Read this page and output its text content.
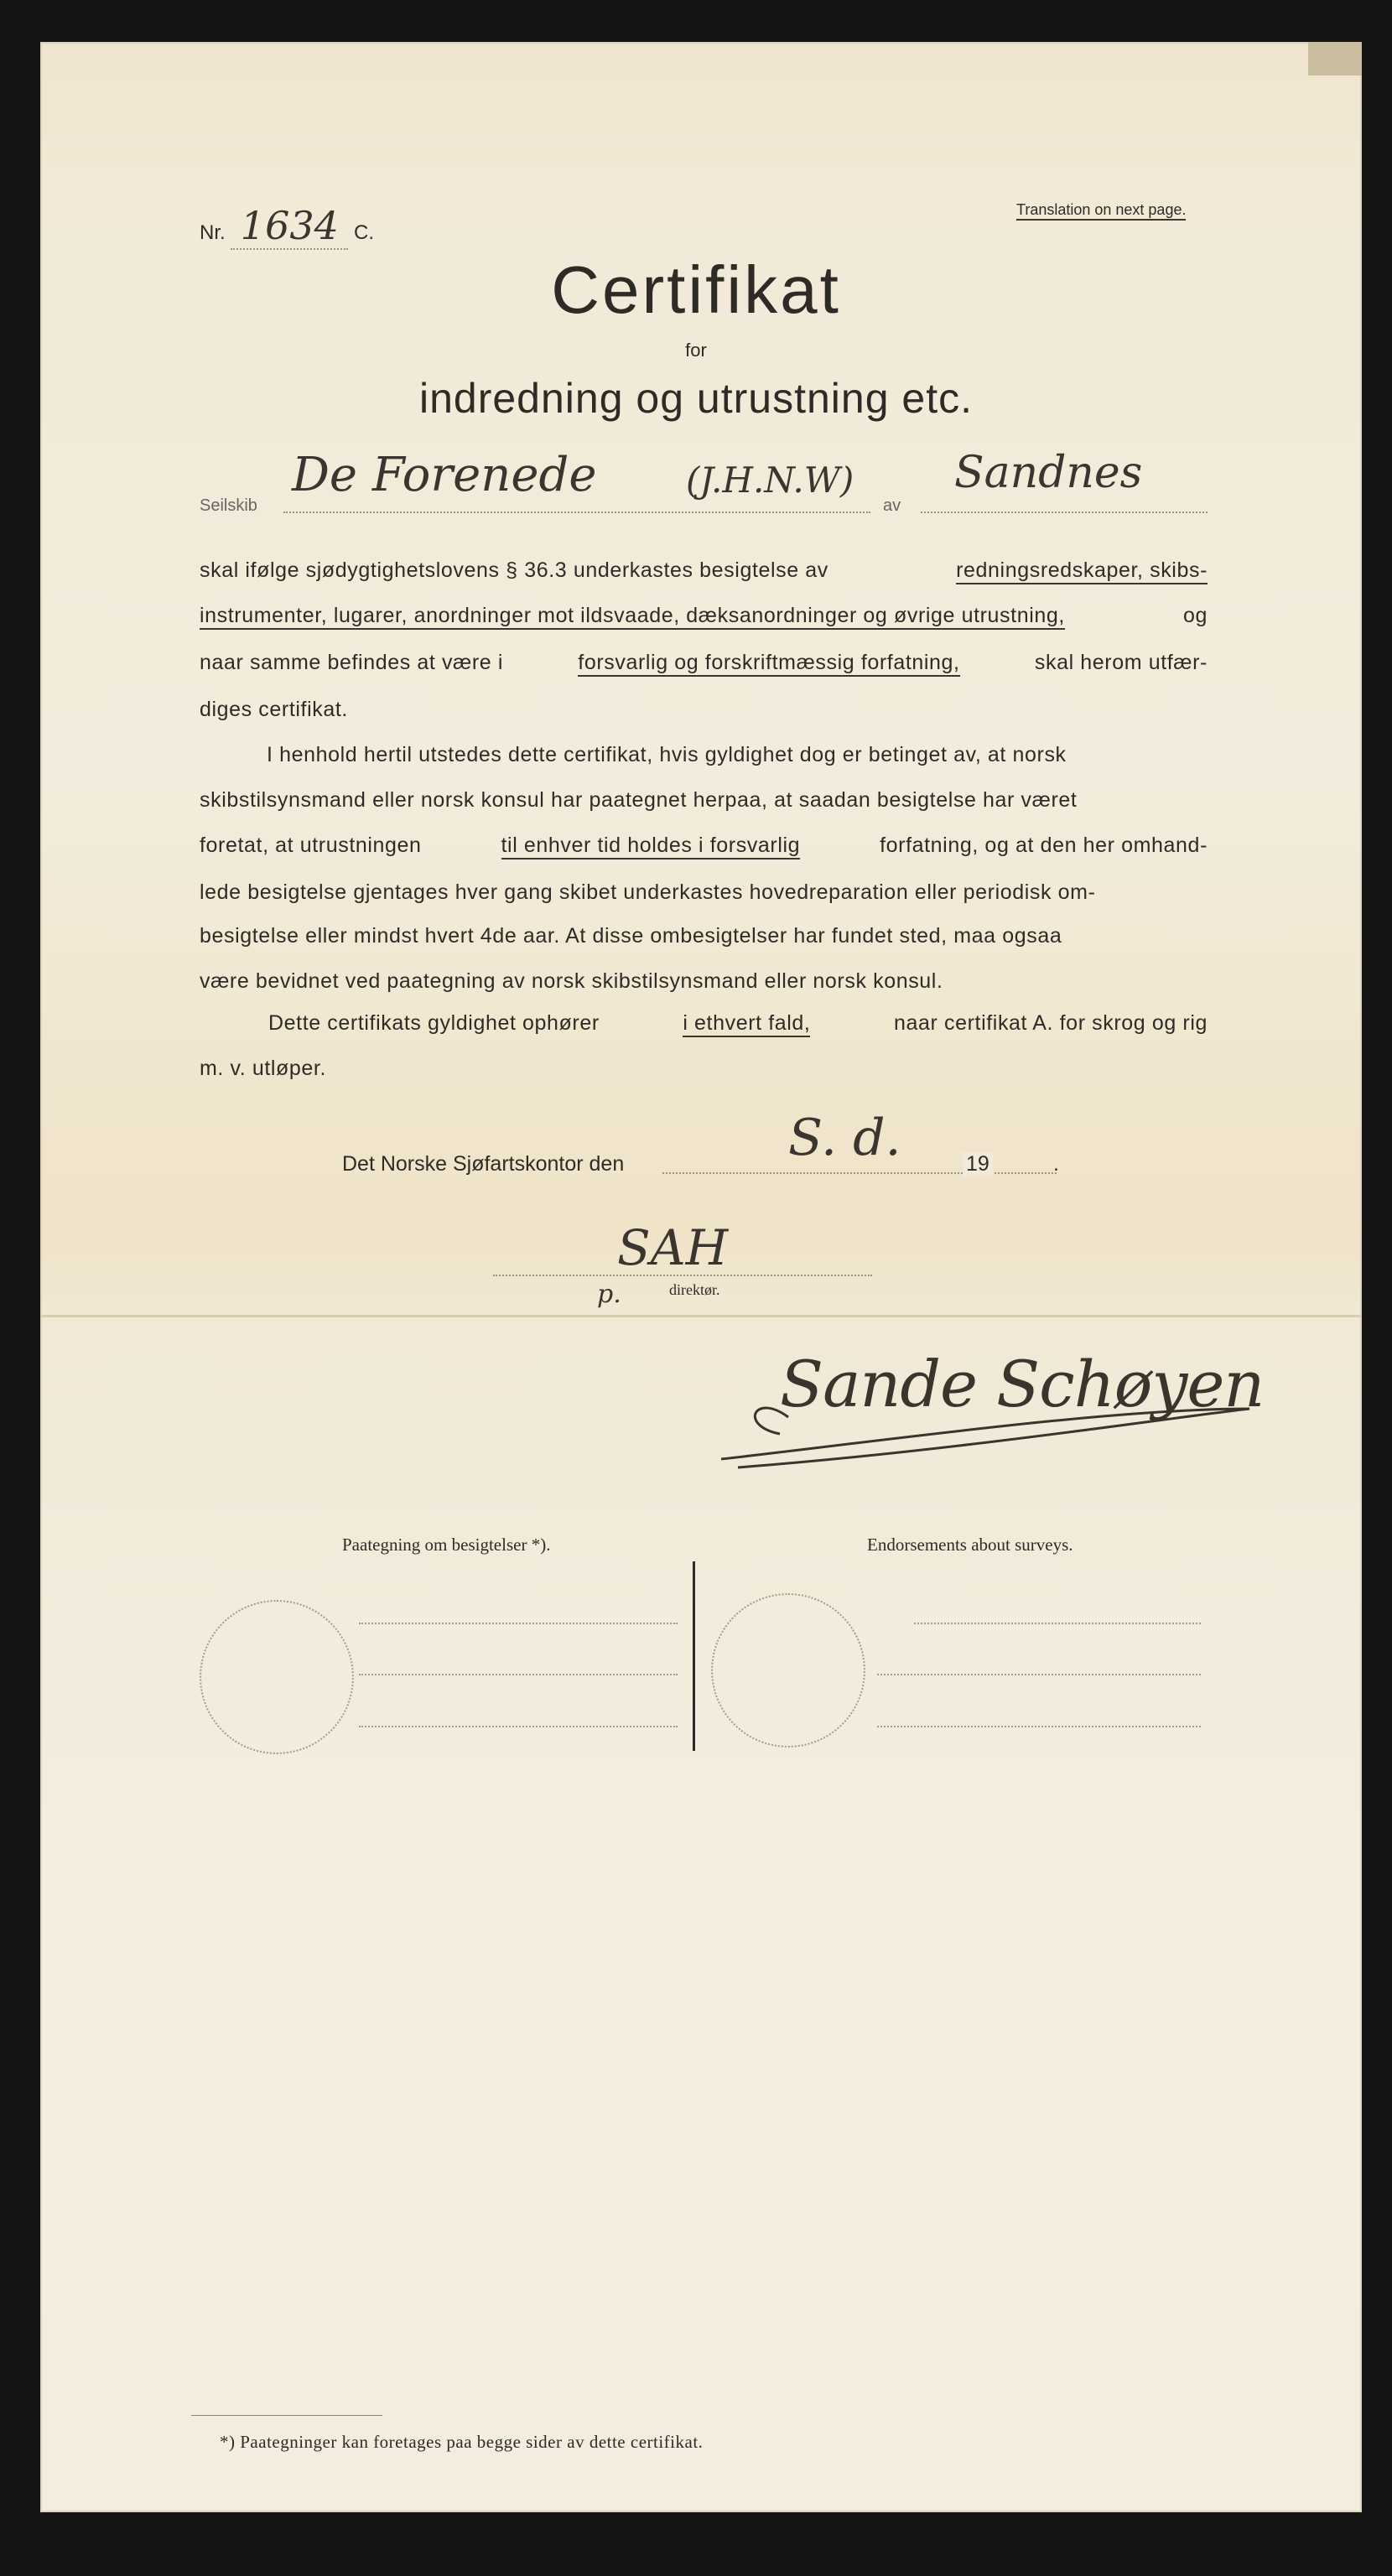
Nr. 1634 C.
Translation on next page.
Certifikat
for
indredning og utrustning etc.
Seilskib
De Forenede	(J.H.N.W)
av
Sandnes
skal ifølge sjødygtighetslovens § 36.3 underkastes besigtelse av	redningsredskaper, skibs-
instrumenter, lugarer, anordninger mot ildsvaade, dæksanordninger og øvrige utrustning,	og
naar samme befindes at være i	forsvarlig og forskriftmæssig forfatning,	skal herom utfær-
diges certifikat.
I henhold hertil utstedes dette certifikat, hvis gyldighet dog er betinget av, at norsk
skibstilsynsmand eller norsk konsul har paategnet herpaa, at saadan besigtelse har været
foretat, at utrustningen	til enhver tid holdes i forsvarlig	forfatning, og at den her omhand-
lede besigtelse gjentages hver gang skibet underkastes hovedreparation eller periodisk om-
besigtelse eller mindst hvert 4de aar. At disse ombesigtelser har fundet sted, maa ogsaa
være bevidnet ved paategning av norsk skibstilsynsmand eller norsk konsul.
Dette certifikats gyldighet ophører	i ethvert fald,	naar certifikat A. for skrog og rig
m. v. utløper.
Det Norske Sjøfartskontor den	S. d.	19	.
SAH
p.	direktør.
Sande Schøyen
Paategning om besigtelser *).	Endorsements about surveys.
*) Paategninger kan foretages paa begge sider av dette certifikat.
